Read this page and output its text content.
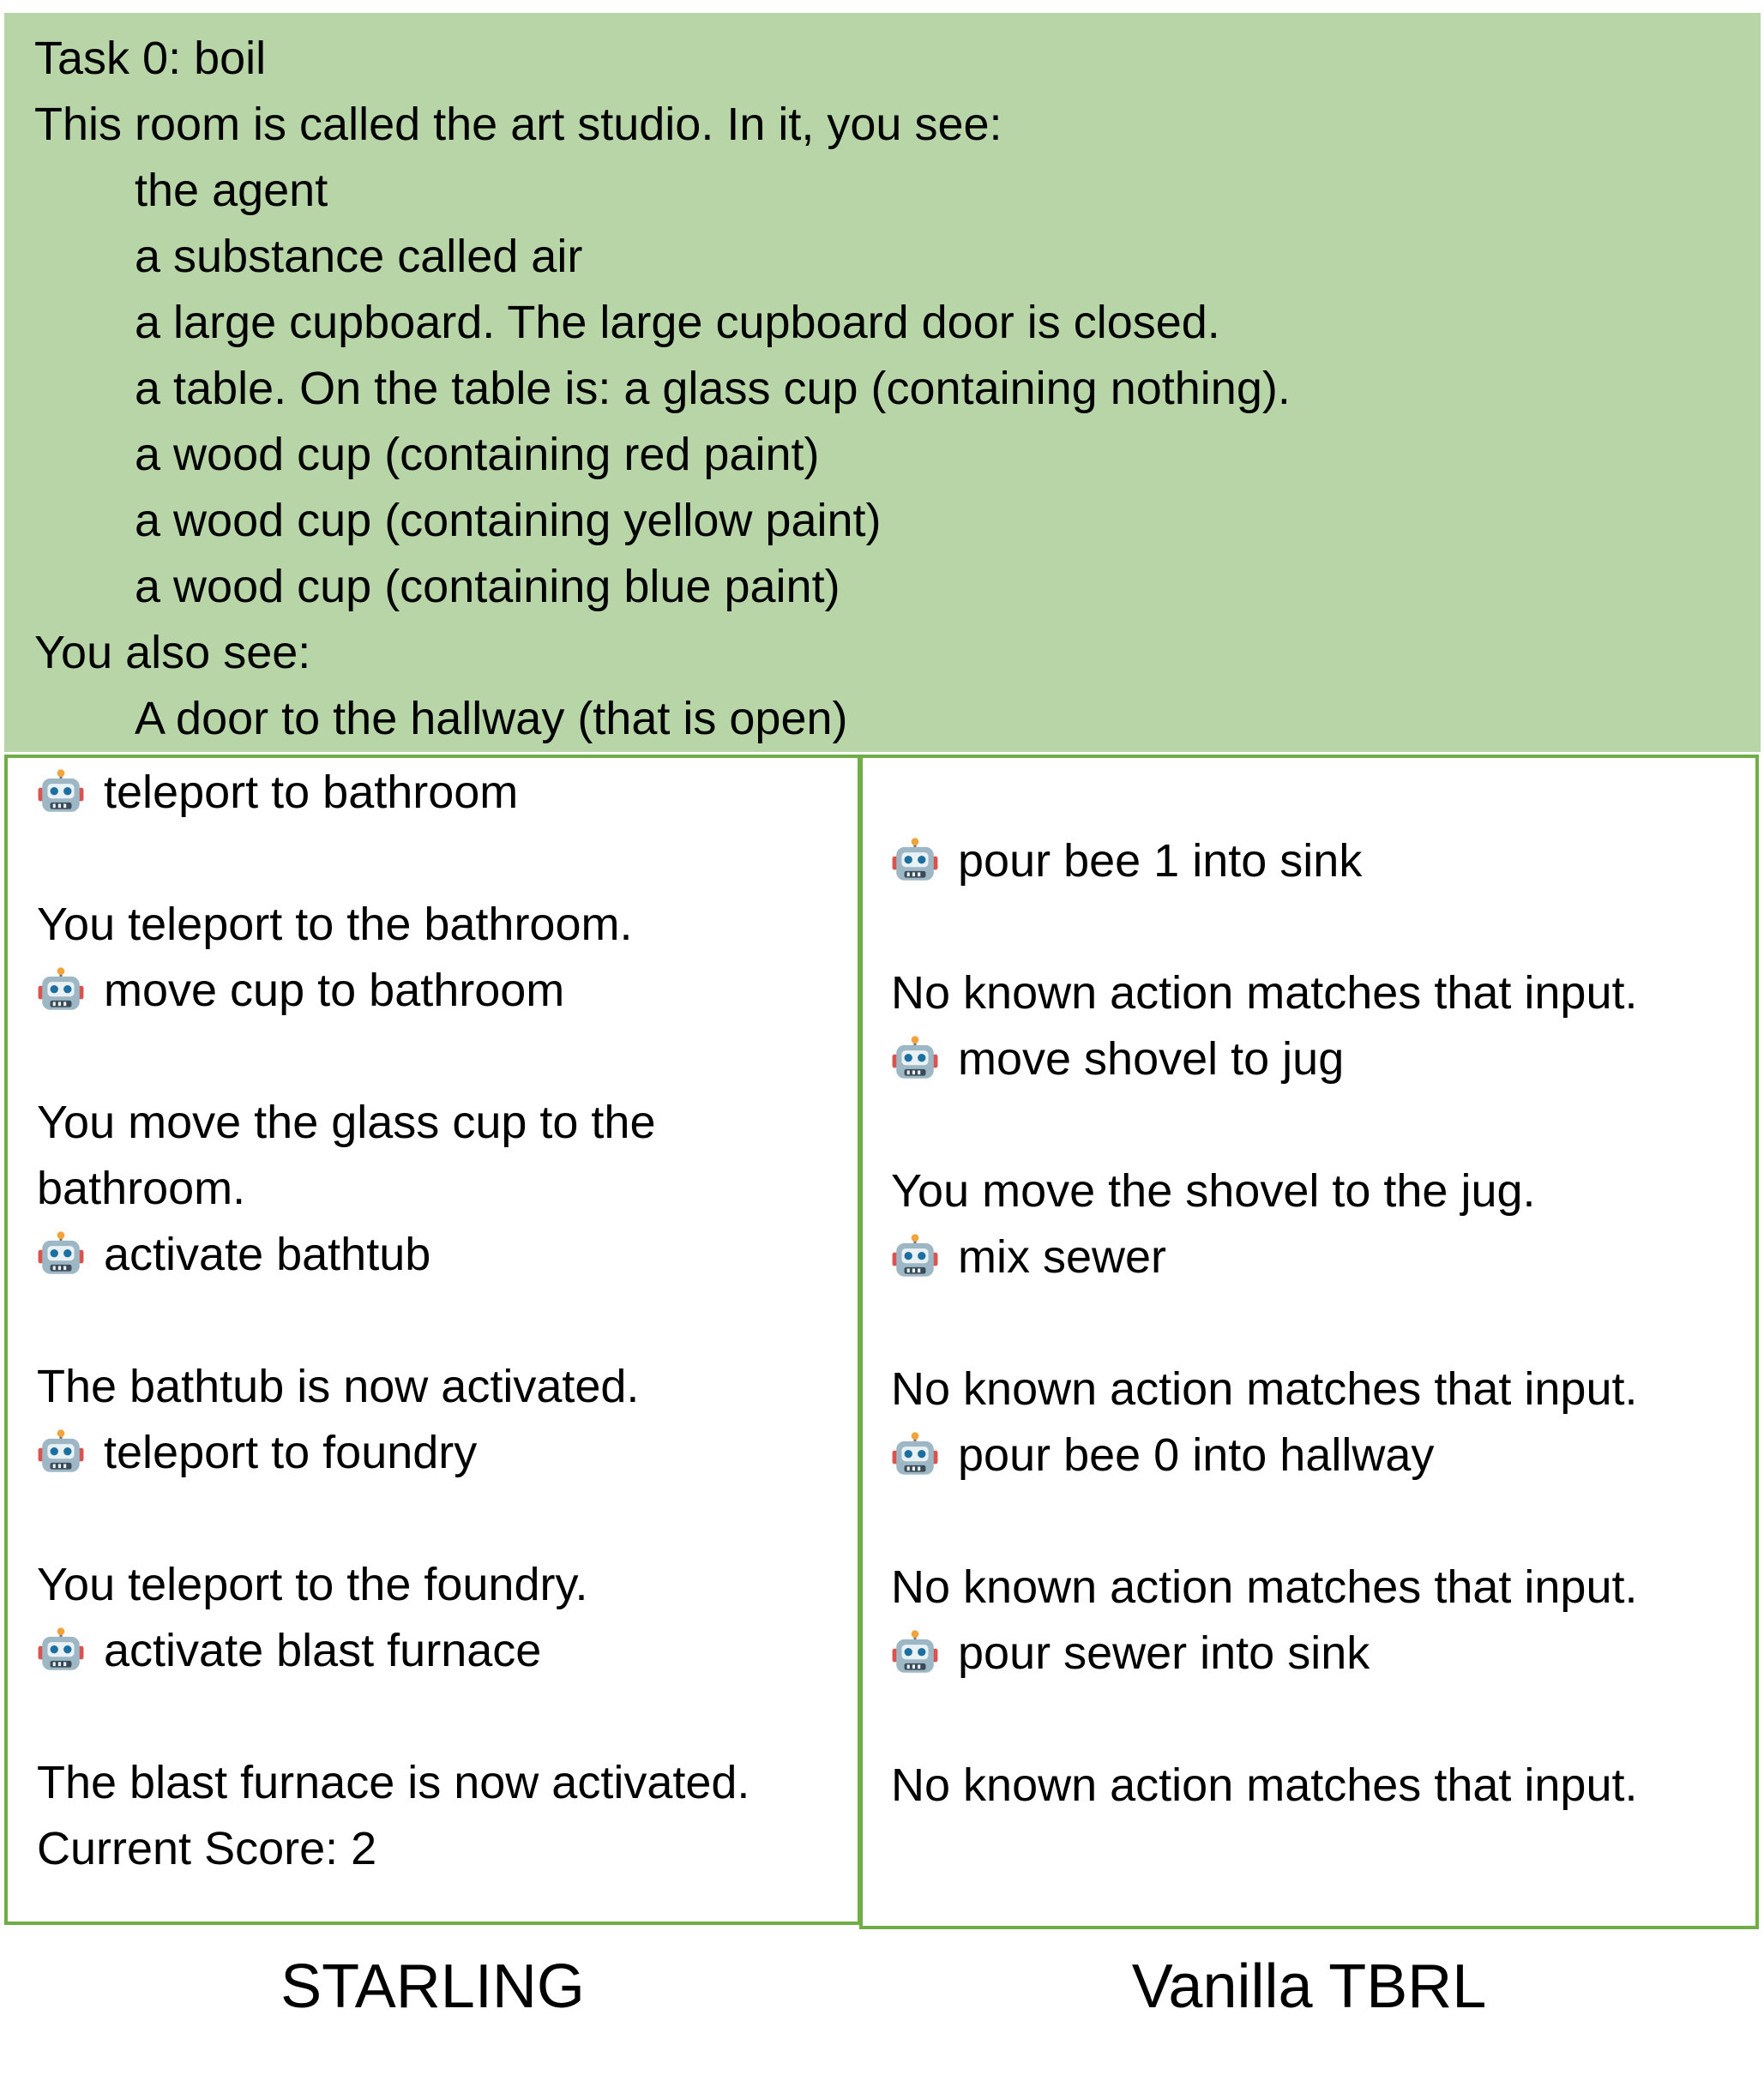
Task 0: boil
This room is called the art studio. In it, you see:
the agent
a substance called air
a large cupboard. The large cupboard door is closed.
a table. On the table is: a glass cup (containing nothing).
a wood cup (containing red paint)
a wood cup (containing yellow paint)
a wood cup (containing blue paint)
You also see:
A door to the hallway (that is open)
teleport to bathroom
You teleport to the bathroom.
move cup to bathroom
You move the glass cup to the
bathroom.
activate bathtub
The bathtub is now activated.
teleport to foundry
You teleport to the foundry.
activate blast furnace
The blast furnace is now activated.
Current Score: 2
pour bee 1 into sink
No known action matches that input.
move shovel to jug
You move the shovel to the jug.
mix sewer
No known action matches that input.
pour bee 0 into hallway
No known action matches that input.
pour sewer into sink
No known action matches that input.
STARLING	Vanilla TBRL
